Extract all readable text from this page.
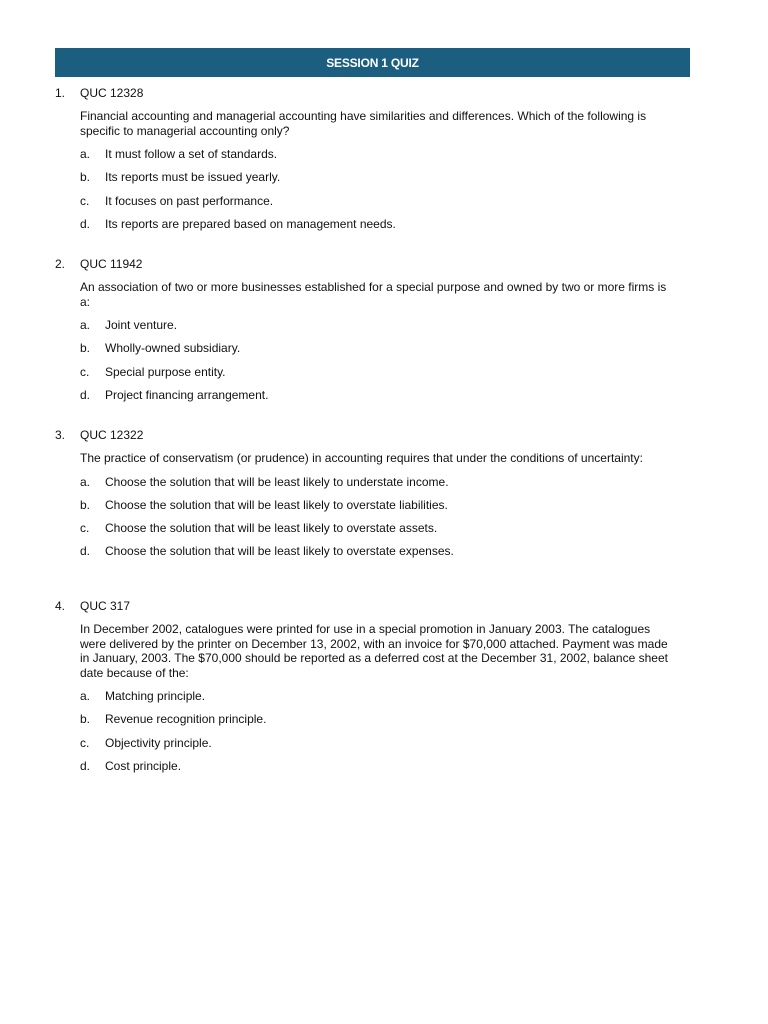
SESSION 1 QUIZ
1.	QUC 12328
Financial accounting and managerial accounting have similarities and differences. Which of the following is specific to managerial accounting only?
a.	It must follow a set of standards.
b.	Its reports must be issued yearly.
c.	It focuses on past performance.
d.	Its reports are prepared based on management needs.
2.	QUC 11942
An association of two or more businesses established for a special purpose and owned by two or more firms is a:
a.	Joint venture.
b.	Wholly-owned subsidiary.
c.	Special purpose entity.
d.	Project financing arrangement.
3.	QUC 12322
The practice of conservatism (or prudence) in accounting requires that under the conditions of uncertainty:
a.	Choose the solution that will be least likely to understate income.
b.	Choose the solution that will be least likely to overstate liabilities.
c.	Choose the solution that will be least likely to overstate assets.
d.	Choose the solution that will be least likely to overstate expenses.
4.	QUC 317
In December 2002, catalogues were printed for use in a special promotion in January 2003. The catalogues were delivered by the printer on December 13, 2002, with an invoice for $70,000 attached. Payment was made in January, 2003. The $70,000 should be reported as a deferred cost at the December 31, 2002, balance sheet date because of the:
a.	Matching principle.
b.	Revenue recognition principle.
c.	Objectivity principle.
d.	Cost principle.
